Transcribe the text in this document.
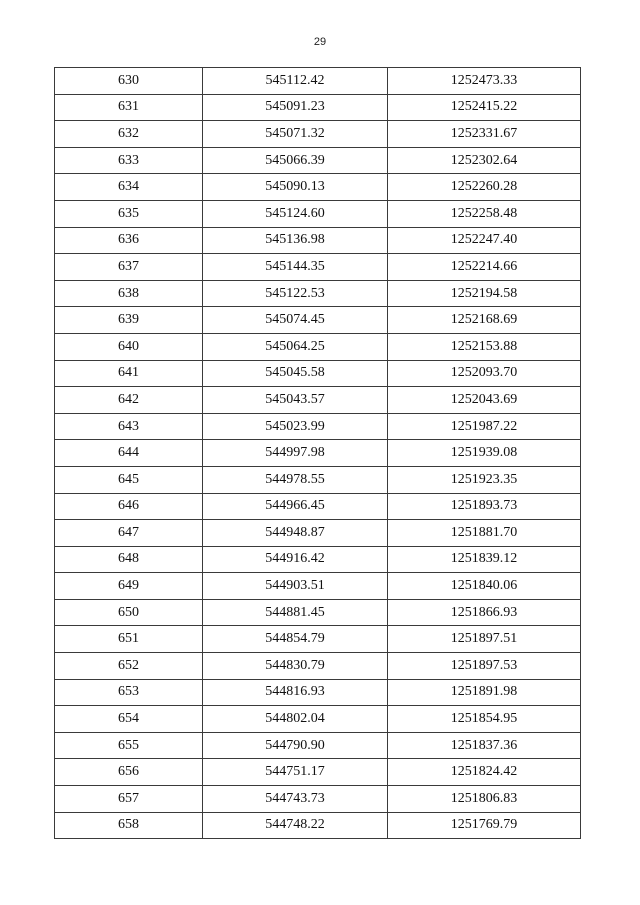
29
630	545112.42	1252473.33
631	545091.23	1252415.22
632	545071.32	1252331.67
633	545066.39	1252302.64
634	545090.13	1252260.28
635	545124.60	1252258.48
636	545136.98	1252247.40
637	545144.35	1252214.66
638	545122.53	1252194.58
639	545074.45	1252168.69
640	545064.25	1252153.88
641	545045.58	1252093.70
642	545043.57	1252043.69
643	545023.99	1251987.22
644	544997.98	1251939.08
645	544978.55	1251923.35
646	544966.45	1251893.73
647	544948.87	1251881.70
648	544916.42	1251839.12
649	544903.51	1251840.06
650	544881.45	1251866.93
651	544854.79	1251897.51
652	544830.79	1251897.53
653	544816.93	1251891.98
654	544802.04	1251854.95
655	544790.90	1251837.36
656	544751.17	1251824.42
657	544743.73	1251806.83
658	544748.22	1251769.79
